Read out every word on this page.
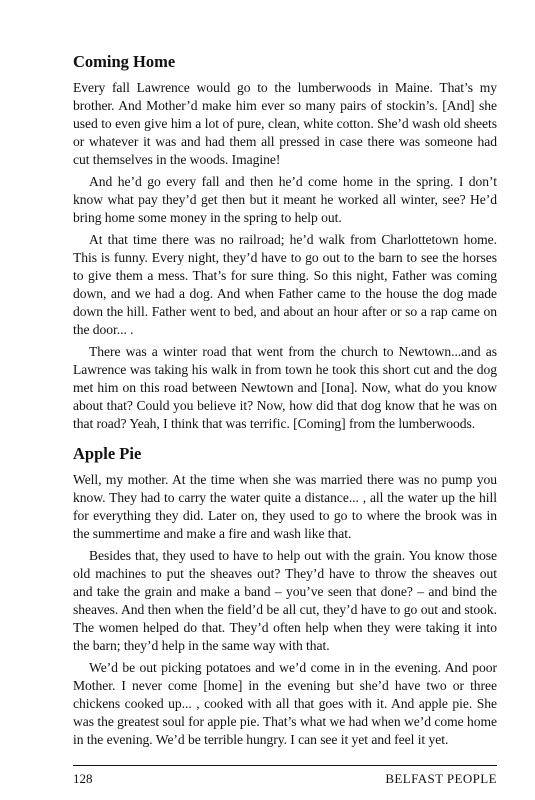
Coming Home

Every fall Lawrence would go to the lumberwoods in Maine. That’s my brother. And Mother’d make him ever so many pairs of stockin’s. [And] she used to even give him a lot of pure, clean, white cotton. She’d wash old sheets or whatever it was and had them all pressed in case there was someone had cut themselves in the woods. Imagine!

And he’d go every fall and then he’d come home in the spring. I don’t know what pay they’d get then but it meant he worked all winter, see? He’d bring home some money in the spring to help out.

At that time there was no railroad; he’d walk from Charlottetown home. This is funny. Every night, they’d have to go out to the barn to see the horses to give them a mess. That’s for sure thing. So this night, Father was coming down, and we had a dog. And when Father came to the house the dog made down the hill. Father went to bed, and about an hour after or so a rap came on the door... .

There was a winter road that went from the church to Newtown...and as Lawrence was taking his walk in from town he took this short cut and the dog met him on this road between Newtown and [Iona]. Now, what do you know about that? Could you believe it? Now, how did that dog know that he was on that road? Yeah, I think that was terrific. [Coming] from the lumberwoods.

Apple Pie

Well, my mother. At the time when she was married there was no pump you know. They had to carry the water quite a distance... , all the water up the hill for everything they did. Later on, they used to go to where the brook was in the summertime and make a fire and wash like that.

Besides that, they used to have to help out with the grain. You know those old machines to put the sheaves out? They’d have to throw the sheaves out and take the grain and make a band – you’ve seen that done? – and bind the sheaves. And then when the field’d be all cut, they’d have to go out and stook. The women helped do that. They’d often help when they were taking it into the barn; they’d help in the same way with that.

We’d be out picking potatoes and we’d come in in the evening. And poor Mother. I never come [home] in the evening but she’d have two or three chickens cooked up... , cooked with all that goes with it. And apple pie. She was the greatest soul for apple pie. That’s what we had when we’d come home in the evening. We’d be terrible hungry. I can see it yet and feel it yet.

128	BELFAST PEOPLE
